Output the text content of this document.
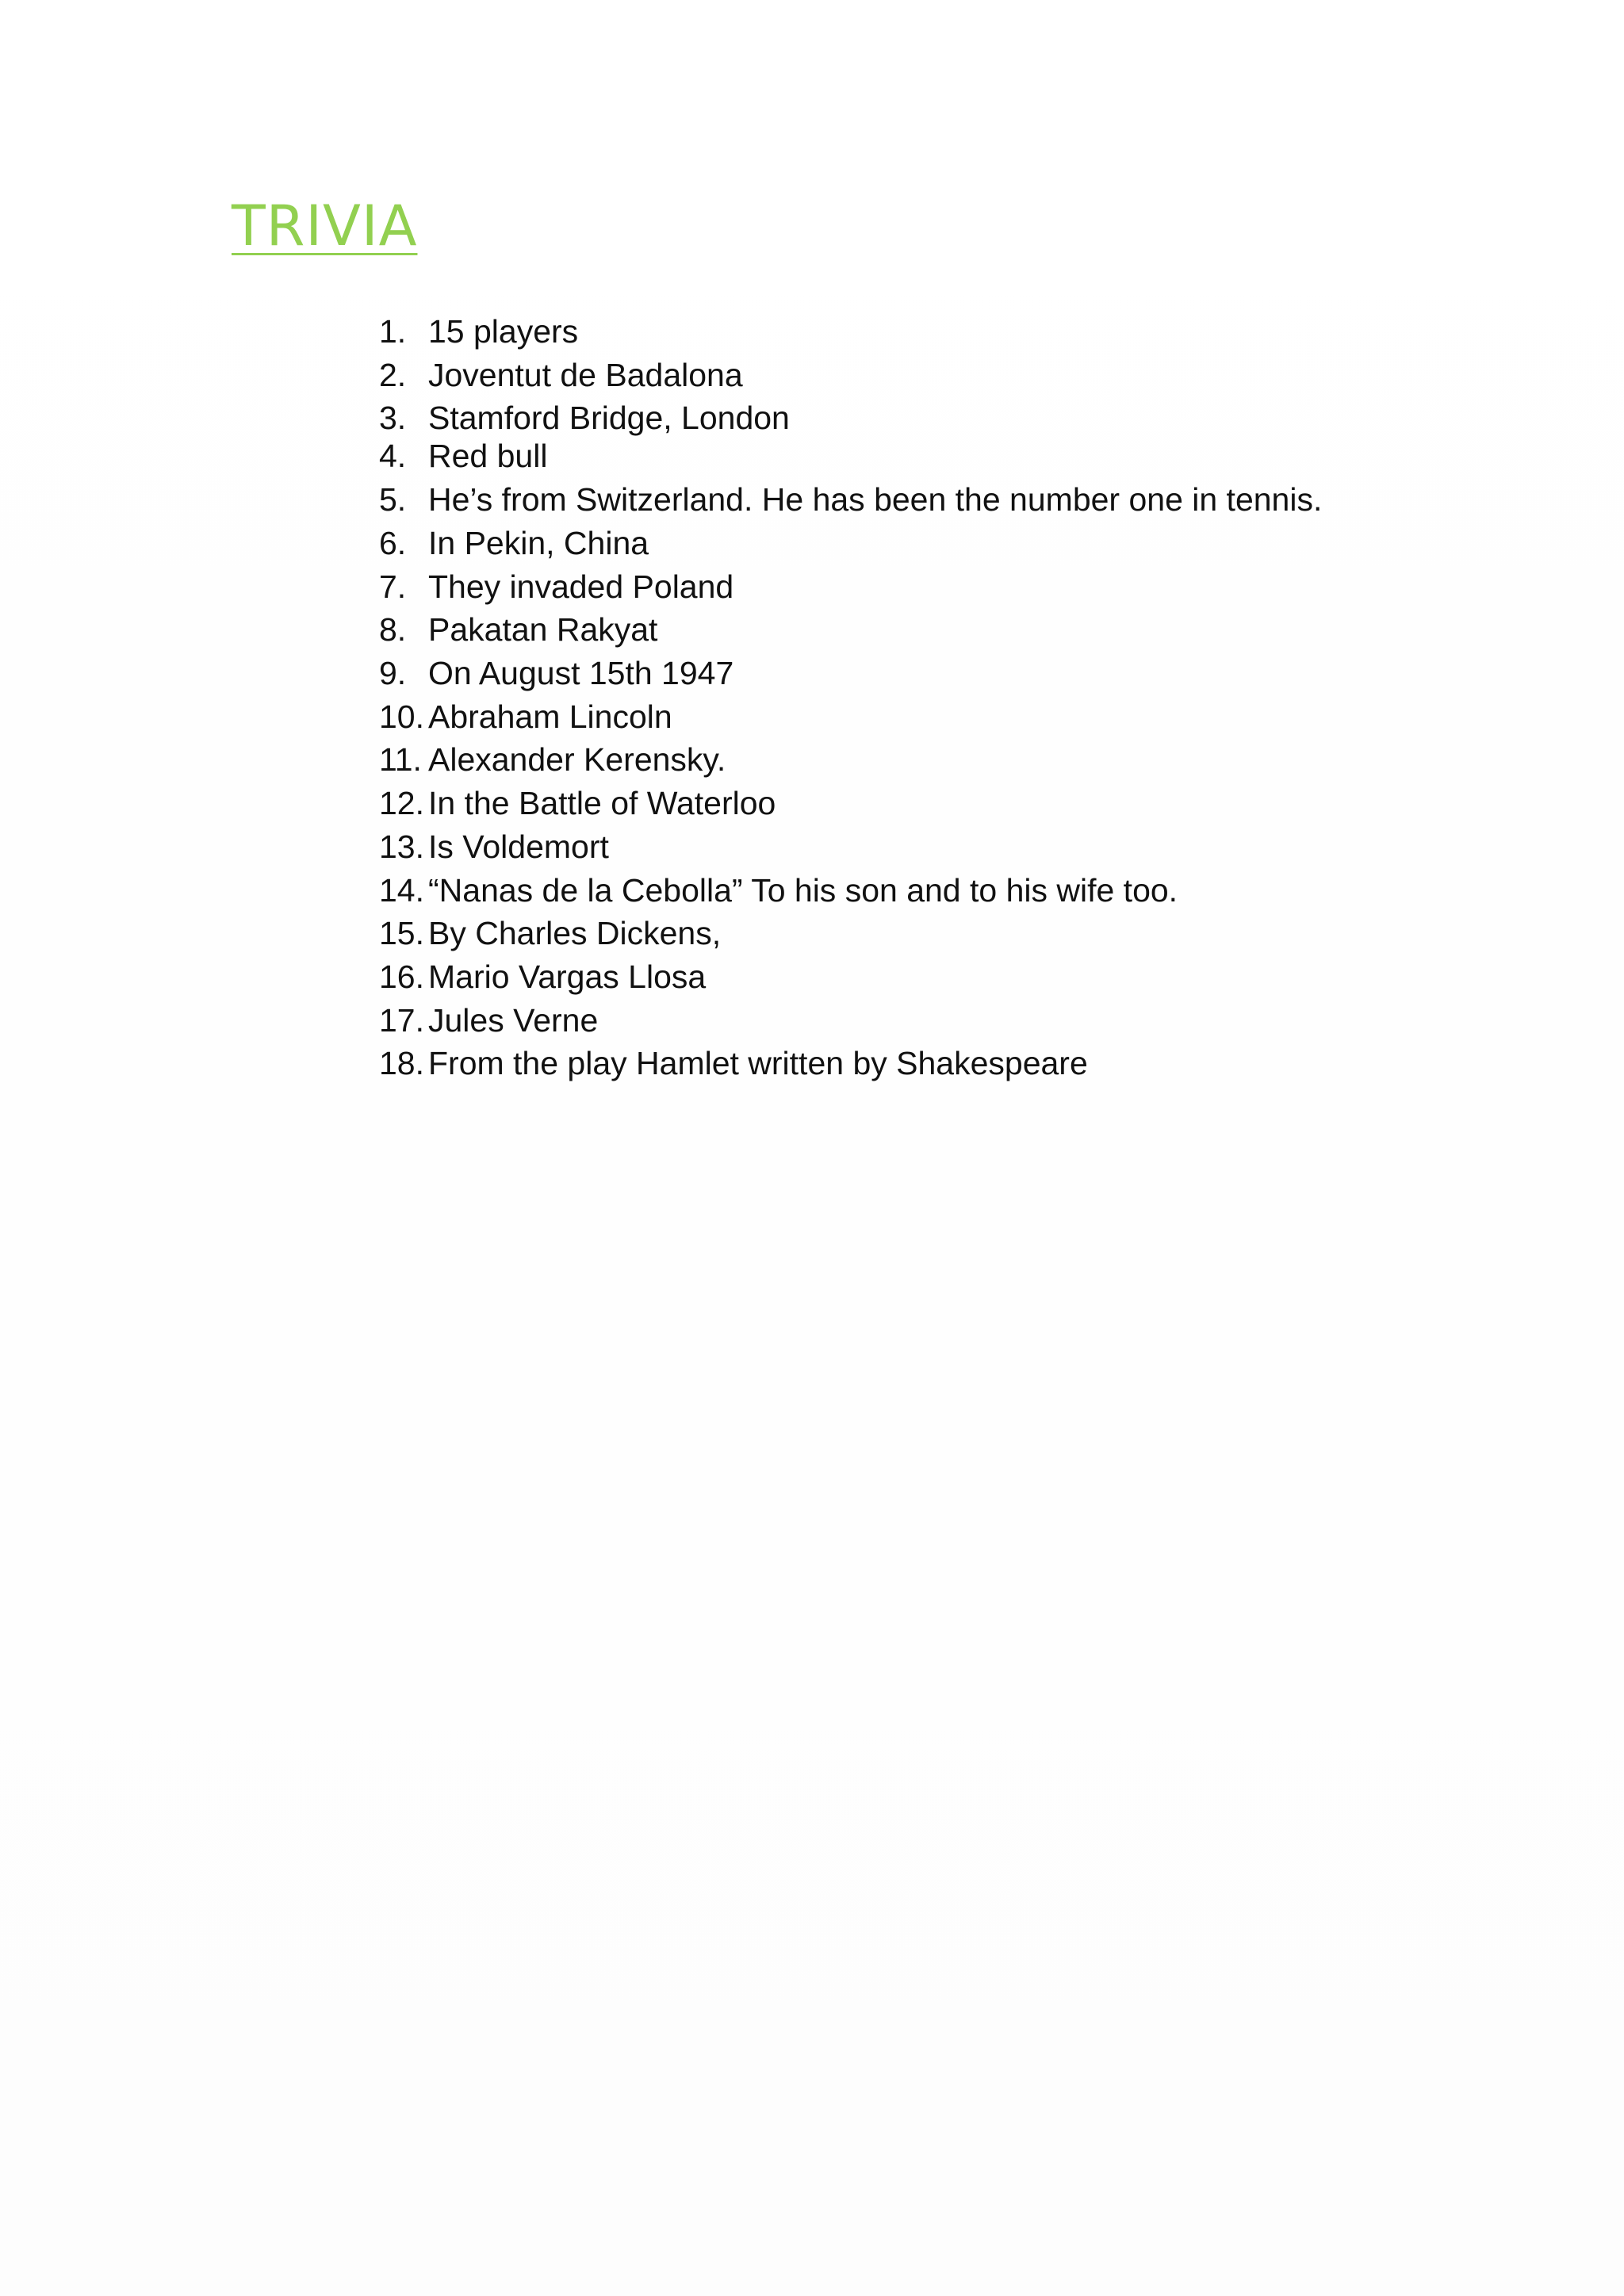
TRIVIA
1. 15 players
2. Joventut de Badalona
3. Stamford Bridge, London
4. Red bull
5. He’s from Switzerland. He has been the number one in tennis.
6. In Pekin, China
7. They invaded Poland
8. Pakatan Rakyat
9. On August 15th 1947
10. Abraham Lincoln
11. Alexander Kerensky.
12. In the Battle of Waterloo
13. Is Voldemort
14. “Nanas de la Cebolla” To his son and to his wife too.
15. By Charles Dickens,
16. Mario Vargas Llosa
17. Jules Verne
18. From the play Hamlet written by Shakespeare
